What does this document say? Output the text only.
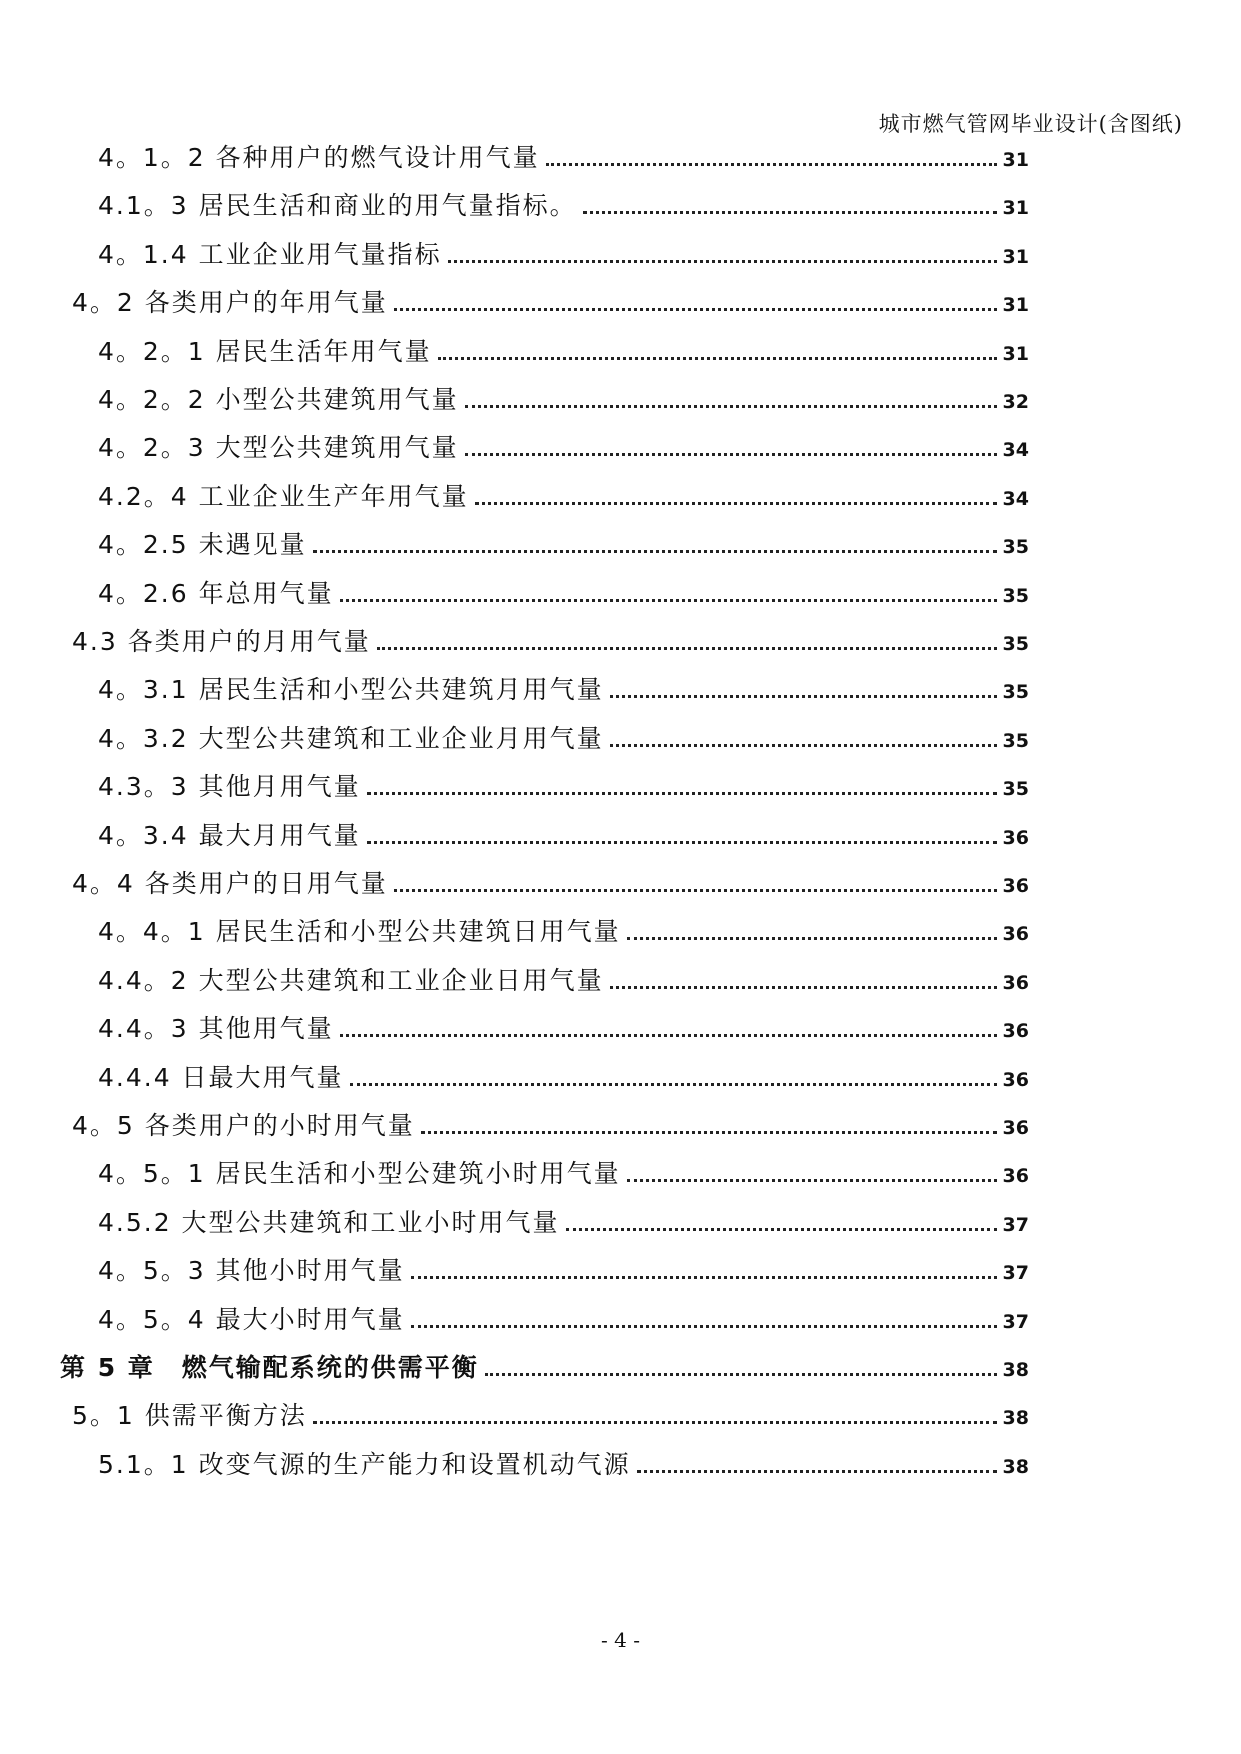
城市燃气管网毕业设计(含图纸)
4。1。2 各种用户的燃气设计用气量	31
4.1。3 居民生活和商业的用气量指标。	31
4。1.4 工业企业用气量指标	31
4。2 各类用户的年用气量	31
4。2。1 居民生活年用气量	31
4。2。2 小型公共建筑用气量	32
4。2。3 大型公共建筑用气量	34
4.2。4 工业企业生产年用气量	34
4。2.5 未遇见量	35
4。2.6 年总用气量	35
4.3 各类用户的月用气量	35
4。3.1 居民生活和小型公共建筑月用气量	35
4。3.2 大型公共建筑和工业企业月用气量	35
4.3。3 其他月用气量	35
4。3.4 最大月用气量	36
4。4 各类用户的日用气量	36
4。4。1 居民生活和小型公共建筑日用气量	36
4.4。2 大型公共建筑和工业企业日用气量	36
4.4。3 其他用气量	36
4.4.4 日最大用气量	36
4。5 各类用户的小时用气量	36
4。5。1 居民生活和小型公建筑小时用气量	36
4.5.2 大型公共建筑和工业小时用气量	37
4。5。3 其他小时用气量	37
4。5。4 最大小时用气量	37
第 5 章　燃气输配系统的供需平衡	38
5。1 供需平衡方法	38
5.1。1 改变气源的生产能力和设置机动气源	38
- 4 -
